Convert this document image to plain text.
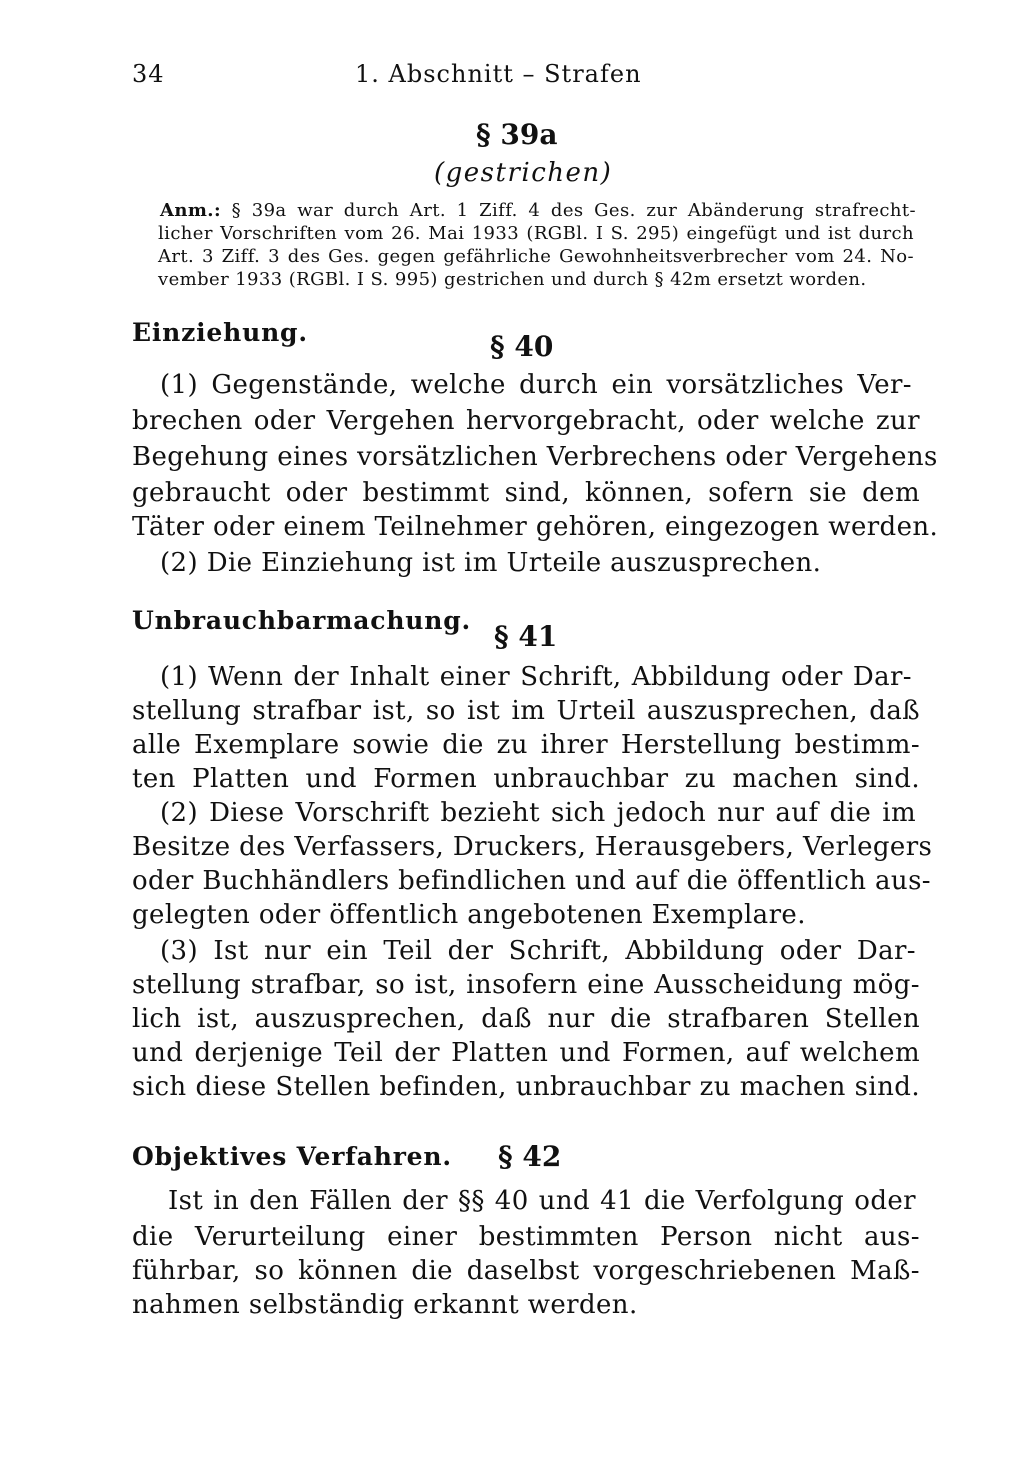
34	1. Abschnitt – Strafen
§ 39a
(gestrichen)
Anm.: § 39a war durch Art. 1 Ziff. 4 des Ges. zur Abänderung strafrecht-
licher Vorschriften vom 26. Mai 1933 (RGBl. I S. 295) eingefügt und ist durch
Art. 3 Ziff. 3 des Ges. gegen gefährliche Gewohnheitsverbrecher vom 24. No-
vember 1933 (RGBl. I S. 995) gestrichen und durch § 42m ersetzt worden.
Einziehung.	§ 40
(1) Gegenstände, welche durch ein vorsätzliches Ver-
brechen oder Vergehen hervorgebracht, oder welche zur
Begehung eines vorsätzlichen Verbrechens oder Vergehens
gebraucht oder bestimmt sind, können, sofern sie dem
Täter oder einem Teilnehmer gehören, eingezogen werden.
(2) Die Einziehung ist im Urteile auszusprechen.
Unbrauchbarmachung. § 41
(1) Wenn der Inhalt einer Schrift, Abbildung oder Dar-
stellung strafbar ist, so ist im Urteil auszusprechen, daß
alle Exemplare sowie die zu ihrer Herstellung bestimm-
ten Platten und Formen unbrauchbar zu machen sind.
(2) Diese Vorschrift bezieht sich jedoch nur auf die im
Besitze des Verfassers, Druckers, Herausgebers, Verlegers
oder Buchhändlers befindlichen und auf die öffentlich aus-
gelegten oder öffentlich angebotenen Exemplare.
(3) Ist nur ein Teil der Schrift, Abbildung oder Dar-
stellung strafbar, so ist, insofern eine Ausscheidung mög-
lich ist, auszusprechen, daß nur die strafbaren Stellen
und derjenige Teil der Platten und Formen, auf welchem
sich diese Stellen befinden, unbrauchbar zu machen sind.
Objektives Verfahren. § 42
Ist in den Fällen der §§ 40 und 41 die Verfolgung oder
die Verurteilung einer bestimmten Person nicht aus-
führbar, so können die daselbst vorgeschriebenen Maß-
nahmen selbständig erkannt werden.
